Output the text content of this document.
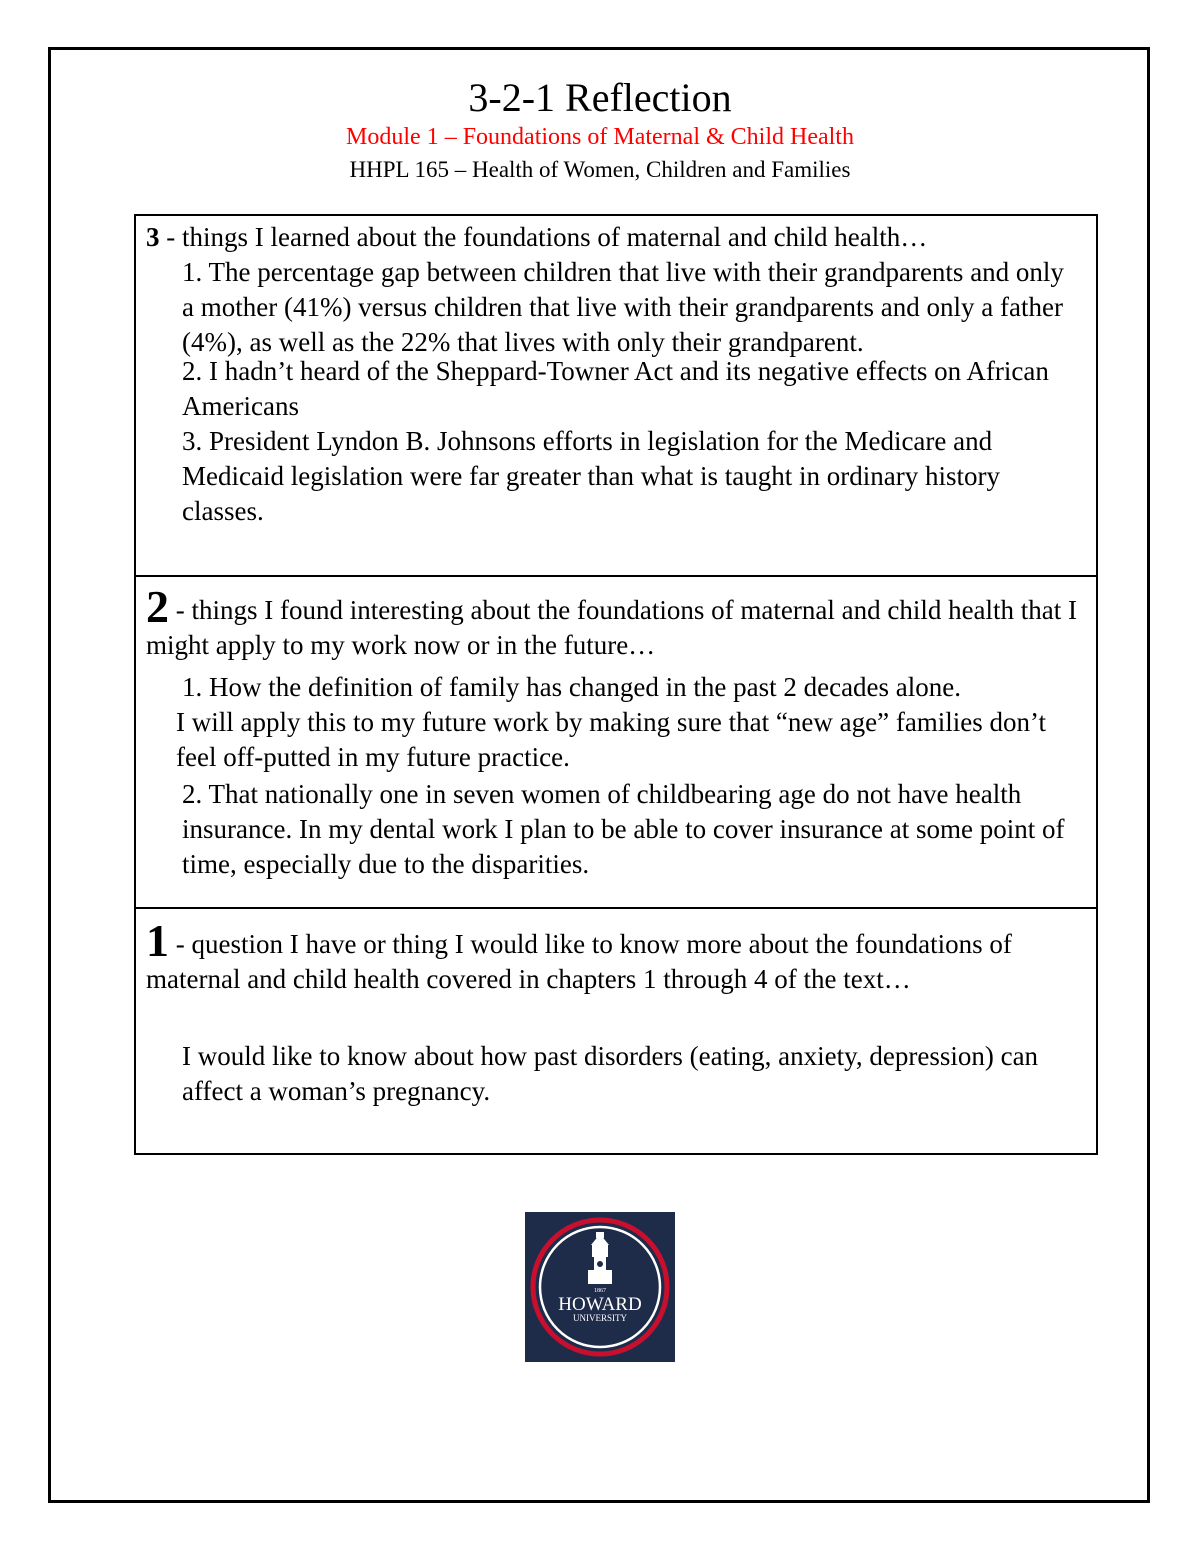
3-2-1 Reflection
Module 1 – Foundations of Maternal & Child Health
HHPL 165 – Health of Women, Children and Families
3 - things I learned about the foundations of maternal and child health…
1. The percentage gap between children that live with their grandparents and only a mother (41%) versus children that live with their grandparents and only a father (4%), as well as the 22% that lives with only their grandparent.
2. I hadn’t heard of the Sheppard-Towner Act and its negative effects on African Americans
3. President Lyndon B. Johnsons efforts in legislation for the Medicare and Medicaid legislation were far greater than what is taught in ordinary history classes.
2 - things I found interesting about the foundations of maternal and child health that I might apply to my work now or in the future…
1. How the definition of family has changed in the past 2 decades alone.
I will apply this to my future work by making sure that “new age” families don’t feel off-putted in my future practice.
2. That nationally one in seven women of childbearing age do not have health insurance. In my dental work I plan to be able to cover insurance at some point of time, especially due to the disparities.
1 - question I have or thing I would like to know more about the foundations of maternal and child health covered in chapters 1 through 4 of the text…
I would like to know about how past disorders (eating, anxiety, depression) can affect a woman’s pregnancy.
1867
HOWARD
UNIVERSITY
